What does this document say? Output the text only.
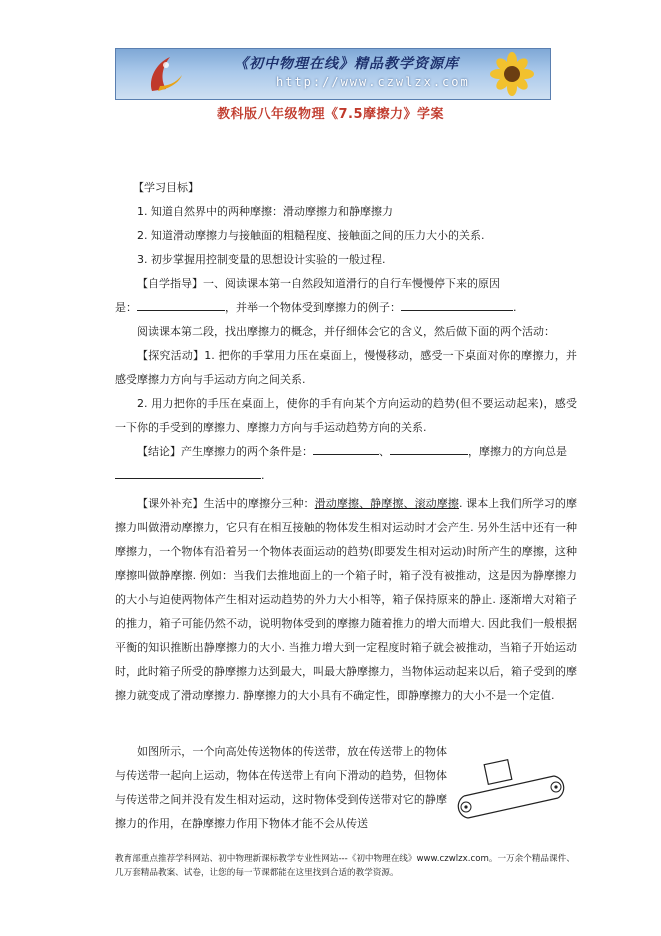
《初中物理在线》精品教学资源库
http://www.czwlzx.com
教科版八年级物理《7.5摩擦力》学案

【学习目标】

1. 知道自然界中的两种摩擦：滑动摩擦力和静摩擦力

2. 知道滑动摩擦力与接触面的粗糙程度、接触面之间的压力大小的关系.

3. 初步掌握用控制变量的思想设计实验的一般过程.

【自学指导】一、阅读课本第一自然段知道滑行的自行车慢慢停下来的原因

是：	，并举一个物体受到摩擦力的例子：	.

阅读课本第二段，找出摩擦力的概念，并仔细体会它的含义，然后做下面的两个活动：

【探究活动】1. 把你的手掌用力压在桌面上，慢慢移动，感受一下桌面对你的摩擦力，并感受摩擦力方向与手运动方向之间关系.

2. 用力把你的手压在桌面上，使你的手有向某个方向运动的趋势(但不要运动起来)，感受一下你的手受到的摩擦力、摩擦力方向与手运动趋势方向的关系.

【结论】产生摩擦力的两个条件是：	、	，摩擦力的方向总是

.

【课外补充】生活中的摩擦分三种：滑动摩擦、静摩擦、滚动摩擦. 课本上我们所学习的摩擦力叫做滑动摩擦力，它只有在相互接触的物体发生相对运动时才会产生. 另外生活中还有一种摩擦力，一个物体有沿着另一个物体表面运动的趋势(即要发生相对运动)时所产生的摩擦，这种摩擦叫做静摩擦. 例如：当我们去推地面上的一个箱子时，箱子没有被推动，这是因为静摩擦力的大小与迫使两物体产生相对运动趋势的外力大小相等，箱子保持原来的静止. 逐渐增大对箱子的推力，箱子可能仍然不动，说明物体受到的摩擦力随着推力的增大而增大. 因此我们一般根据平衡的知识推断出静摩擦力的大小. 当推力增大到一定程度时箱子就会被推动，当箱子开始运动时，此时箱子所受的静摩擦力达到最大，叫最大静摩擦力，当物体运动起来以后，箱子受到的摩擦力就变成了滑动摩擦力. 静摩擦力的大小具有不确定性，即静摩擦力的大小不是一个定值.

如图所示，一个向高处传送物体的传送带，放在传送带上的物体与传送带一起向上运动，物体在传送带上有向下滑动的趋势，但物体与传送带之间并没有发生相对运动，这时物体受到传送带对它的静摩擦力的作用，在静摩擦力作用下物体才能不会从传送

教育部重点推荐学科网站、初中物理新课标教学专业性网站---《初中物理在线》www.czwlzx.com。一万余个精品课件、几万套精品教案、试卷，让您的每一节课都能在这里找到合适的教学资源。
